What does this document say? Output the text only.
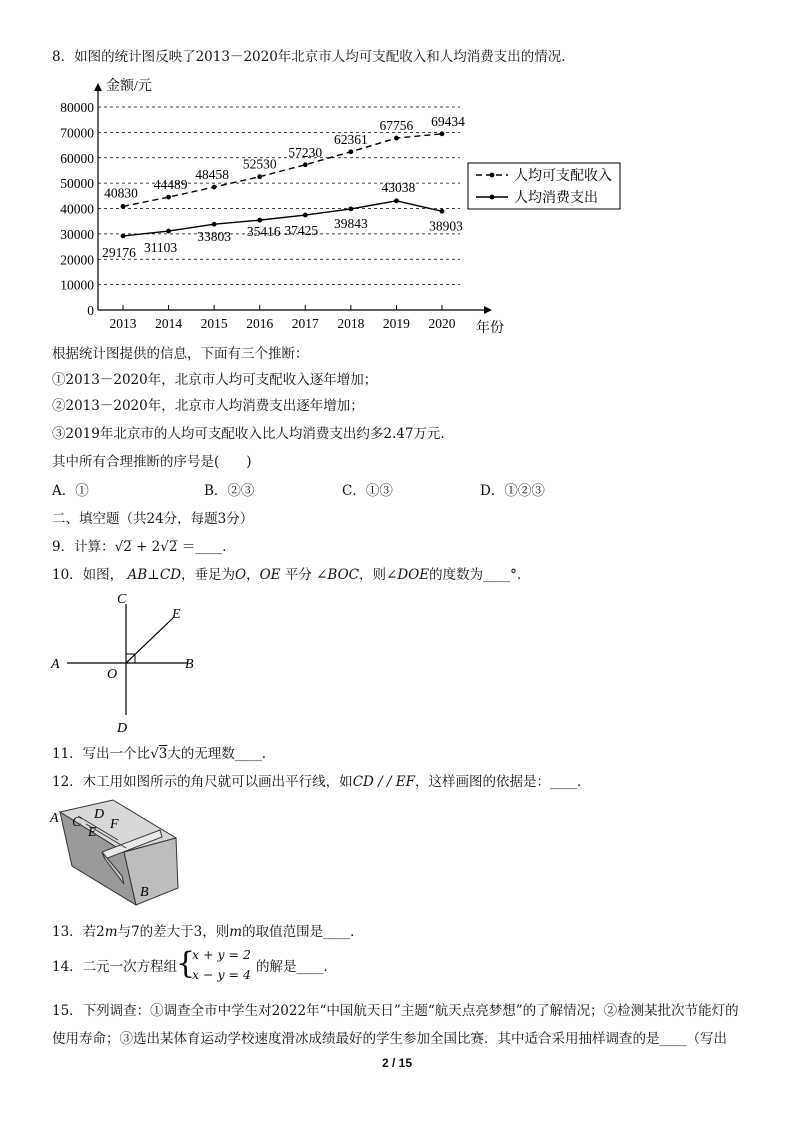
8．如图的统计图反映了2013－2020年北京市人均可支配收入和人均消费支出的情况．
金额/元
年份
0
10000
20000
30000
40000
50000
60000
70000
80000
2013 2014 2015 2016 2017 2018 2019 2020
40830
44489
48458
52530
57230
62361
67756 69434
29176 31103
33803 35416 37425 39843
43038
38903
人均可支配收入
人均消费支出
根据统计图提供的信息，下面有三个推断：
①2013－2020年，北京市人均可支配收入逐年增加；
②2013－2020年，北京市人均消费支出逐年增加；
③2019年北京市的人均可支配收入比人均消费支出约多2.47万元．
其中所有合理推断的序号是(　　)
A．①	B．②③	C．①③	D．①②③
二、填空题（共24分，每题3分）
9．计算：√2̅ + 2√2̅ ＝____．
10．如图， AB⊥CD，垂足为O，OE 平分 ∠BOC，则∠DOE的度数为____°．
C
E
A	B
O
D
11．写出一个比√3大的无理数____．
12．木工用如图所示的角尺就可以画出平行线，如CD / / EF，这样画图的依据是：____．
A C
D
E
F
B
13．若2m与7的差大于3，则m的取值范围是____．
14．二元一次方程组
{
x + y = 2
x − y = 4 的解是____．
15．下列调查：①调查全市中学生对2022年“中国航天日”主题“航天点亮梦想”的了解情况；②检测某批次节能灯的
使用寿命；③选出某体育运动学校速度滑冰成绩最好的学生参加全国比赛．其中适合采用抽样调查的是____（写出
2 / 15
